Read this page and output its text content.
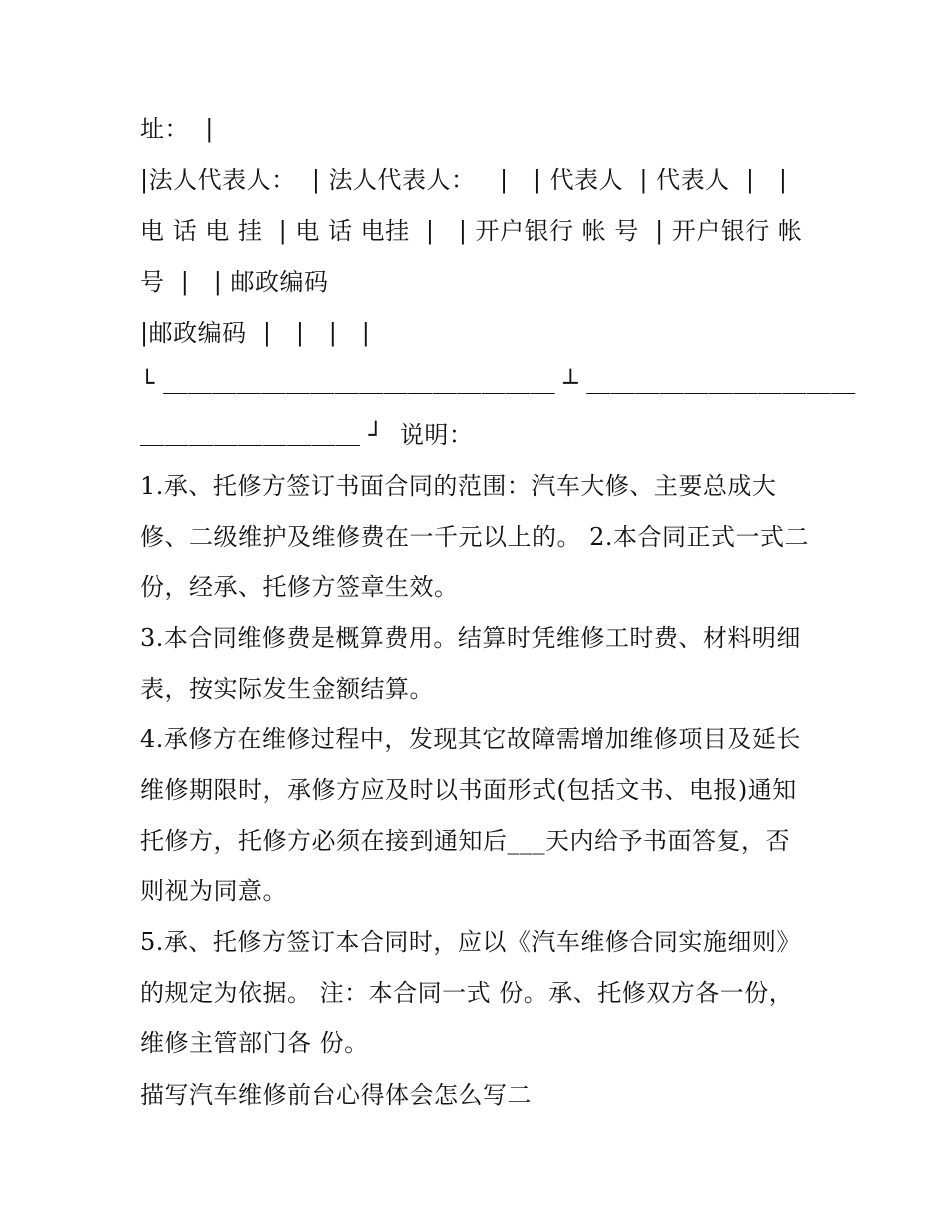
址：  |
|法人代表人：  | 法人代表人：   |   | 代表人  | 代表人  |   |
电 话 电 挂  | 电 话 电挂  |   | 开户银行 帐 号  | 开户银行 帐
号  |   | 邮政编码
|邮政编码  |   |   |   |
└ ＿＿＿＿＿＿＿＿＿＿＿＿＿＿＿＿ ┴ ＿＿＿＿＿＿＿＿＿＿＿
＿＿＿＿＿＿＿＿＿ ┘  说明：
1.承、托修方签订书面合同的范围：汽车大修、主要总成大
修、二级维护及维修费在一千元以上的。 2.本合同正式一式二
份，经承、托修方签章生效。
3.本合同维修费是概算费用。结算时凭维修工时费、材料明细
表，按实际发生金额结算。
4.承修方在维修过程中，发现其它故障需增加维修项目及延长
维修期限时，承修方应及时以书面形式(包括文书、电报)通知
托修方，托修方必须在接到通知后___天内给予书面答复，否
则视为同意。
5.承、托修方签订本合同时，应以《汽车维修合同实施细则》
的规定为依据。 注：本合同一式 份。承、托修双方各一份，
维修主管部门各 份。
描写汽车维修前台心得体会怎么写二
